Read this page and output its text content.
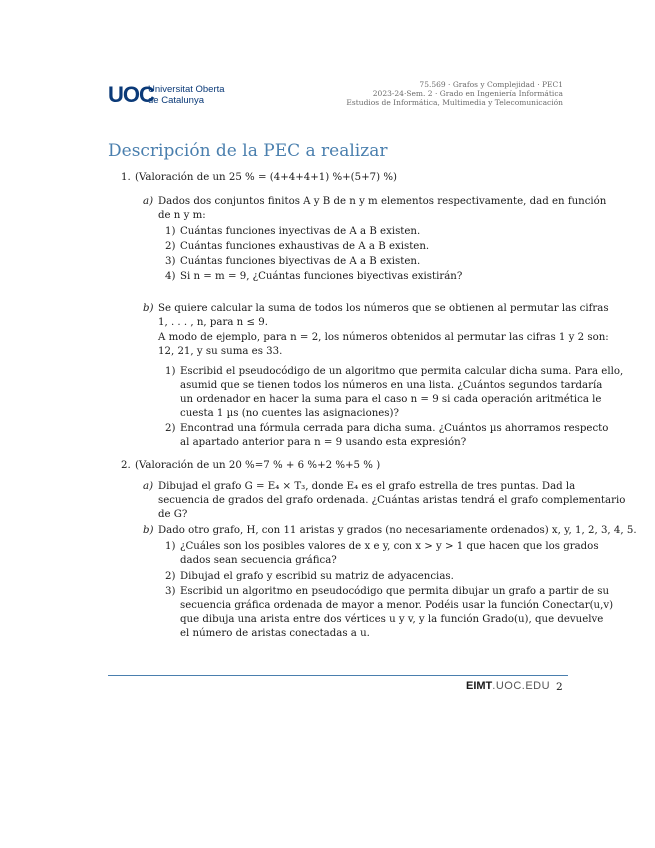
UOC
Universitat Oberta
de Catalunya
75.569 · Grafos y Complejidad · PEC1
2023-24·Sem. 2 · Grado en Ingeniería Informática
Estudios de Informática, Multimedia y Telecomunicación
Descripción de la PEC a realizar
1. (Valoración de un 25 % = (4+4+4+1) %+(5+7) %)
a) Dados dos conjuntos finitos A y B de n y m elementos respectivamente, dad en función
de n y m:
1) Cuántas funciones inyectivas de A a B existen.
2) Cuántas funciones exhaustivas de A a B existen.
3) Cuántas funciones biyectivas de A a B existen.
4) Si n = m = 9, ¿Cuántas funciones biyectivas existirán?
b) Se quiere calcular la suma de todos los números que se obtienen al permutar las cifras
1, . . . , n, para n ≤ 9.
A modo de ejemplo, para n = 2, los números obtenidos al permutar las cifras 1 y 2 son:
12, 21, y su suma es 33.
1) Escribid el pseudocódigo de un algoritmo que permita calcular dicha suma. Para ello,
asumid que se tienen todos los números en una lista. ¿Cuántos segundos tardaría
un ordenador en hacer la suma para el caso n = 9 si cada operación aritmética le
cuesta 1 µs (no cuentes las asignaciones)?
2) Encontrad una fórmula cerrada para dicha suma. ¿Cuántos µs ahorramos respecto
al apartado anterior para n = 9 usando esta expresión?
2. (Valoración de un 20 %=7 % + 6 %+2 %+5 % )
a) Dibujad el grafo G = E₄ × T₃, donde E₄ es el grafo estrella de tres puntas. Dad la
secuencia de grados del grafo ordenada. ¿Cuántas aristas tendrá el grafo complementario
de G?
b) Dado otro grafo, H, con 11 aristas y grados (no necesariamente ordenados) x, y, 1, 2, 3, 4, 5.
1) ¿Cuáles son los posibles valores de x e y, con x > y > 1 que hacen que los grados
dados sean secuencia gráfica?
2) Dibujad el grafo y escribid su matriz de adyacencias.
3) Escribid un algoritmo en pseudocódigo que permita dibujar un grafo a partir de su
secuencia gráfica ordenada de mayor a menor. Podéis usar la función Conectar(u,v)
que dibuja una arista entre dos vértices u y v, y la función Grado(u), que devuelve
el número de aristas conectadas a u.
EIMT.UOC.EDU 2
